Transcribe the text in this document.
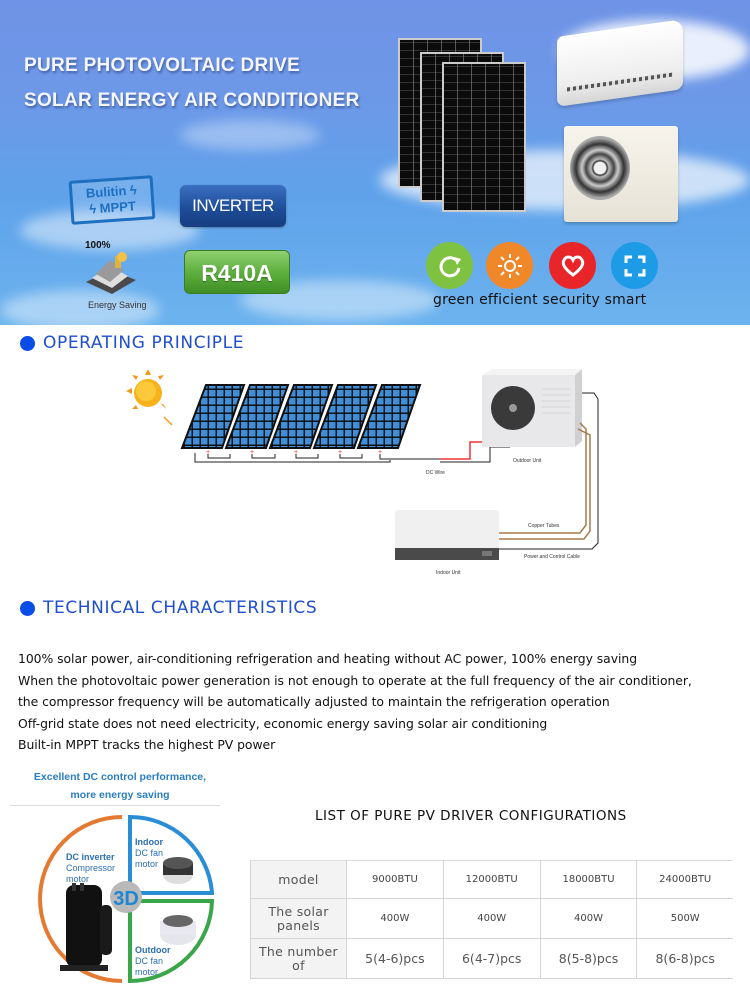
PURE PHOTOVOLTAIC DRIVE
SOLAR ENERGY AIR CONDITIONER
Bulitin ϟ
ϟ MPPT	INVERTER
R410A
100%
Energy Saving	green efficient security smart
OPERATING PRINCIPLE
+	+	+	+	+
DC Wire
Outdoor Unit
Copper Tubes
Power and Control Cable
Indoor Unit
TECHNICAL CHARACTERISTICS

100% solar power, air-conditioning refrigeration and heating without AC power, 100% energy saving

When the photovoltaic power generation is not enough to operate at the full frequency of the air conditioner,

the compressor frequency will be automatically adjusted to maintain the refrigeration operation

Off-grid state does not need electricity, economic energy saving solar air conditioning

Built-in MPPT tracks the highest PV power

Excellent DC control performance,
more energy saving
3D
DC inverter
Compressor
motor
Indoor
DC fan
motor
Outdoor
DC fan
motor
LIST OF PURE PV DRIVER CONFIGURATIONS
model	9000BTU	12000BTU	18000BTU	24000BTU
The solar panels	400W	400W	400W	500W
The number of	5(4-6)pcs	6(4-7)pcs	8(5-8)pcs	8(6-8)pcs
